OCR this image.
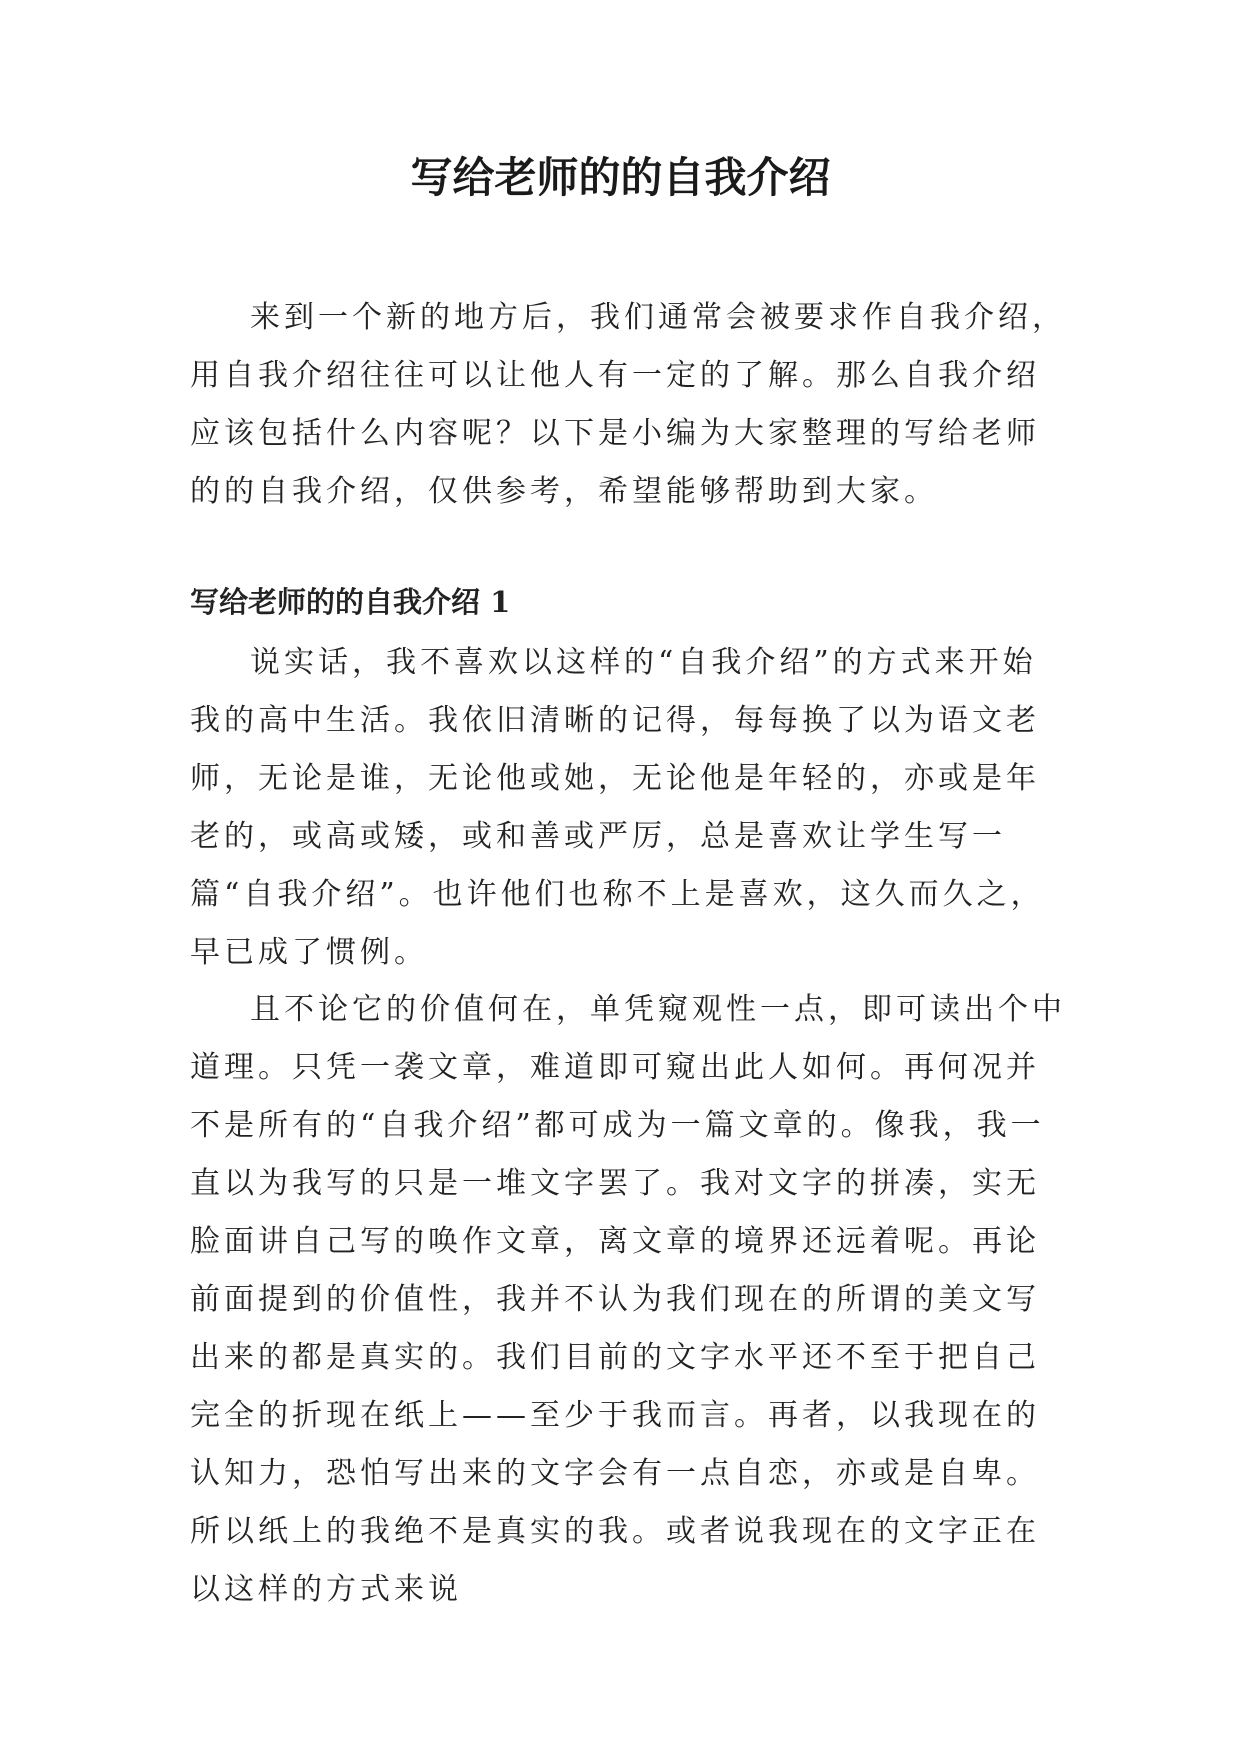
写给老师的的自我介绍

来到一个新的地方后，我们通常会被要求作自我介绍，用自我介绍往往可以让他人有一定的了解。那么自我介绍应该包括什么内容呢？以下是小编为大家整理的写给老师的的自我介绍，仅供参考，希望能够帮助到大家。

写给老师的的自我介绍 1

说实话，我不喜欢以这样的“自我介绍”的方式来开始我的高中生活。我依旧清晰的记得，每每换了以为语文老师，无论是谁，无论他或她，无论他是年轻的，亦或是年老的，或高或矮，或和善或严厉，总是喜欢让学生写一篇“自我介绍”。也许他们也称不上是喜欢，这久而久之，早已成了惯例。

且不论它的价值何在，单凭窥观性一点，即可读出个中道理。只凭一袭文章，难道即可窥出此人如何。再何况并不是所有的“自我介绍”都可成为一篇文章的。像我，我一直以为我写的只是一堆文字罢了。我对文字的拼凑，实无脸面讲自己写的唤作文章，离文章的境界还远着呢。再论前面提到的价值性，我并不认为我们现在的所谓的美文写出来的都是真实的。我们目前的文字水平还不至于把自己完全的折现在纸上——至少于我而言。再者，以我现在的认知力，恐怕写出来的文字会有一点自恋，亦或是自卑。所以纸上的我绝不是真实的我。或者说我现在的文字正在以这样的方式来说
